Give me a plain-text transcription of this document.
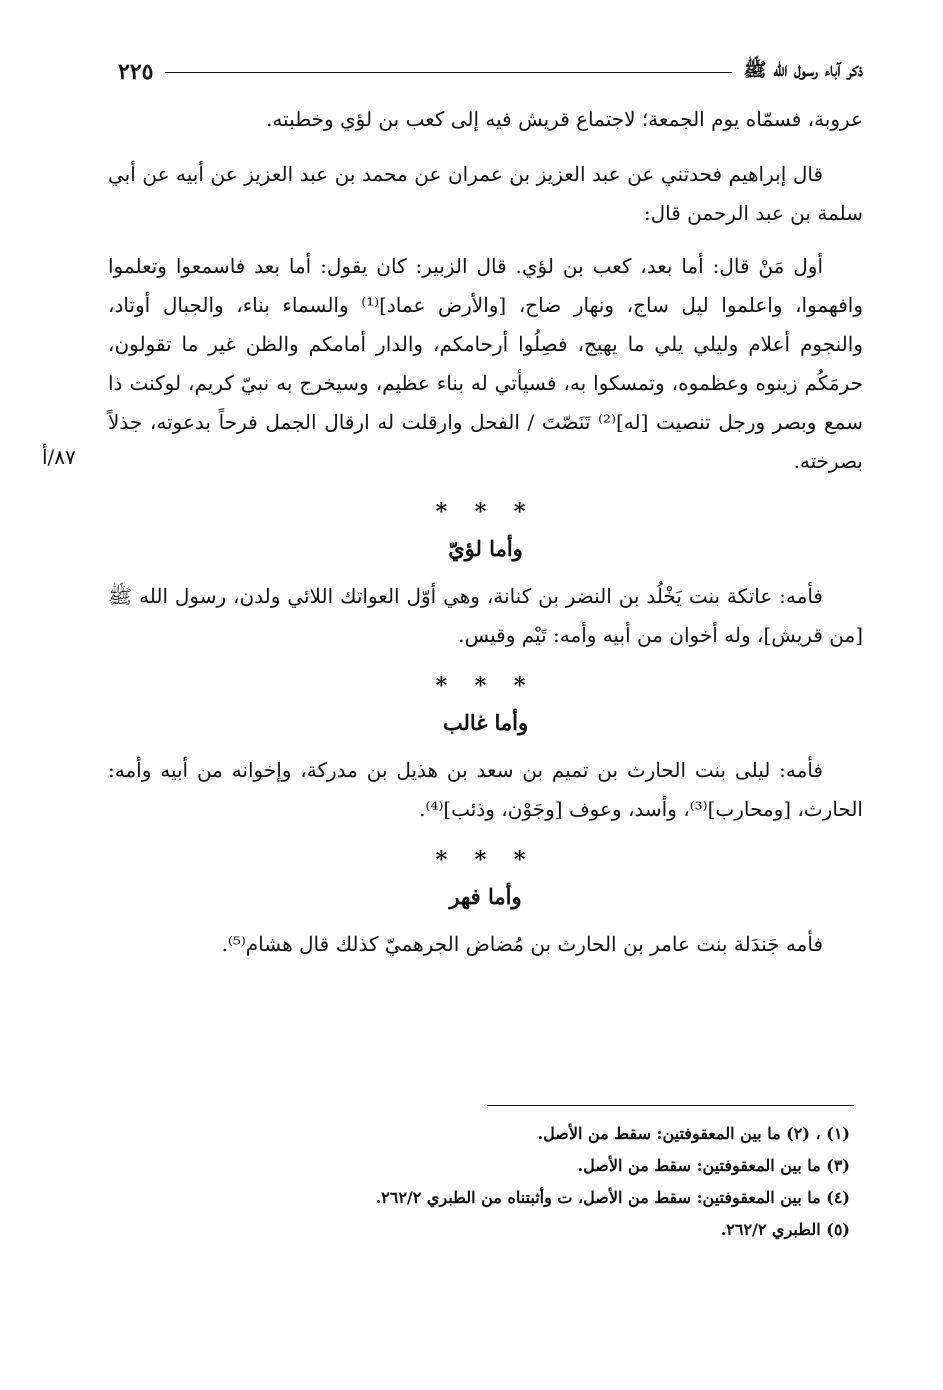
ذكر آباء رسول الله ﷺ
٢٢٥
٨٧/أ

عروبة، فسمّاه يوم الجمعة؛ لاجتماع قريش فيه إلى كعب بن لؤي وخطبته.

قال إبراهيم فحدثني عن عبد العزيز بن عمران عن محمد بن عبد العزيز عن أبيه عن أبي سلمة بن عبد الرحمن قال:

أول مَنْ قال: أما بعد، كعب بن لؤي. قال الزبير: كان يقول: أما بعد فاسمعوا وتعلموا وافهموا، واعلموا ليل ساج، ونهار ضاح، [والأرض عماد]⁽¹⁾ والسماء بناء، والجبال أوتاد، والنجوم أعلام وليلي يلي ما يهيج، فصِلُوا أرحامكم، والدار أمامكم والظن غير ما تقولون، حرمَكُم زينوه وعظموه، وتمسكوا به، فسيأتي له بناء عظيم، وسيخرج به نبيّ كريم، لوكنت ذا سمع وبصر ورجل تنصيت [له]⁽²⁾ تَنَصّتَ / الفحل وارقلت له ارقال الجمل فرحاً بدعوته، جذلاً بصرخته.

* * *
وأما لؤيّ

فأمه: عاتكة بنت يَخْلُد بن النضر بن كنانة، وهي أوّل العواتك اللائي ولدن، رسول الله ﷺ [من قريش]، وله أخوان من أبيه وأمه: تَيْم وقيس.

* * *
وأما غالب

فأمه: ليلى بنت الحارث بن تميم بن سعد بن هذيل بن مدركة، وإخوانه من أبيه وأمه: الحارث، [ومحارب]⁽³⁾، وأسد، وعوف [وجَوْن، وذئب]⁽⁴⁾.

* * *
وأما فهر

فأمه جَندَلة بنت عامر بن الحارث بن مُضاض الجرهميّ كذلك قال هشام⁽⁵⁾.

(١) ، (٢) ما بين المعقوفتين: سقط من الأصل.
(٣) ما بين المعقوفتين: سقط من الأصل.
(٤) ما بين المعقوفتين: سقط من الأصل، ت وأثبتناه من الطبري ٢٦٢/٢.
(٥) الطبري ٢٦٢/٢.
